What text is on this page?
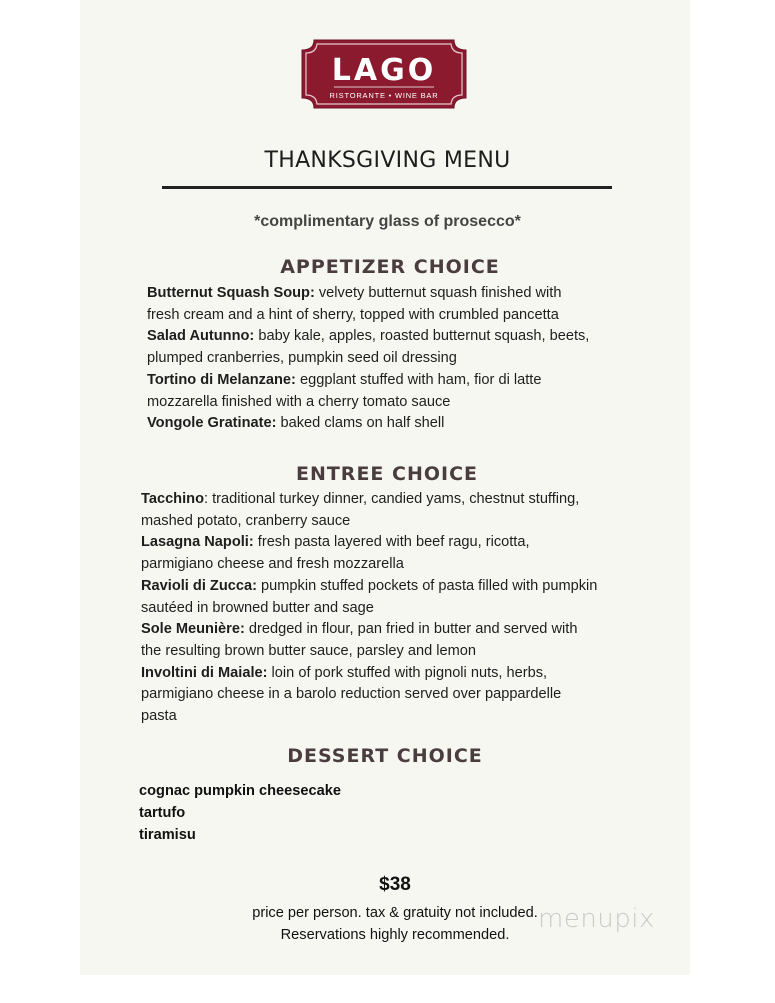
LAGO
RISTORANTE • WINE BAR
THANKSGIVING MENU
*complimentary glass of prosecco*
APPETIZER CHOICE
Butternut Squash Soup: velvety butternut squash finished with
fresh cream and a hint of sherry, topped with crumbled pancetta
Salad Autunno: baby kale, apples, roasted butternut squash, beets,
plumped cranberries, pumpkin seed oil dressing
Tortino di Melanzane: eggplant stuffed with ham, fior di latte
mozzarella finished with a cherry tomato sauce
Vongole Gratinate: baked clams on half shell
ENTREE CHOICE
Tacchino: traditional turkey dinner, candied yams, chestnut stuffing,
mashed potato, cranberry sauce
Lasagna Napoli: fresh pasta layered with beef ragu, ricotta,
parmigiano cheese and fresh mozzarella
Ravioli di Zucca: pumpkin stuffed pockets of pasta filled with pumpkin
sautéed in browned butter and sage
Sole Meunière: dredged in flour, pan fried in butter and served with
the resulting brown butter sauce, parsley and lemon
Involtini di Maiale: loin of pork stuffed with pignoli nuts, herbs,
parmigiano cheese in a barolo reduction served over pappardelle
pasta
DESSERT CHOICE
cognac pumpkin cheesecake
tartufo
tiramisu
$38
price per person. tax & gratuity not included.
Reservations highly recommended.
menupix
